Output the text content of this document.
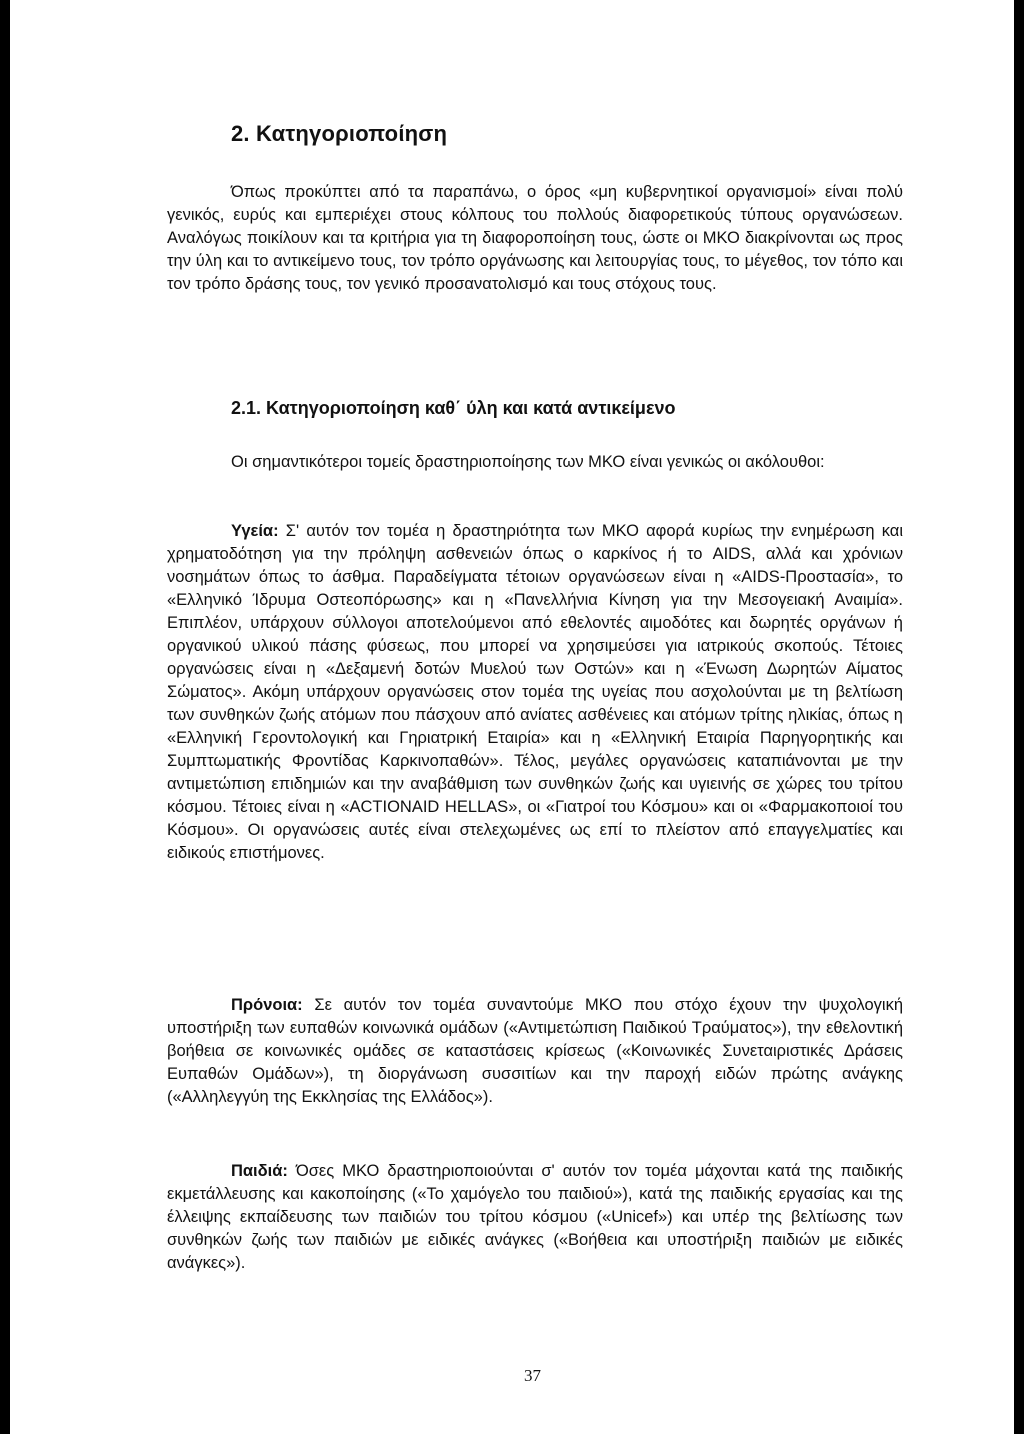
2. Κατηγοριοποίηση

Όπως προκύπτει από τα παραπάνω, ο όρος «μη κυβερνητικοί οργανισμοί» είναι πολύ γενικός, ευρύς και εμπεριέχει στους κόλπους του πολλούς διαφορετικούς τύπους οργανώσεων. Αναλόγως ποικίλουν και τα κριτήρια για τη διαφοροποίηση τους, ώστε οι ΜΚΟ διακρίνονται ως προς την ύλη και το αντικείμενο τους, τον τρόπο οργάνωσης και λειτουργίας τους, το μέγεθος, τον τόπο και τον τρόπο δράσης τους, τον γενικό προσανατολισμό και τους στόχους τους.

2.1. Κατηγοριοποίηση καθ΄ ύλη και κατά αντικείμενο

Οι σημαντικότεροι τομείς δραστηριοποίησης των ΜΚΟ είναι γενικώς οι ακόλουθοι:

Υγεία: Σ' αυτόν τον τομέα η δραστηριότητα των ΜΚΟ αφορά κυρίως την ενημέρωση και χρηματοδότηση για την πρόληψη ασθενειών όπως ο καρκίνος ή το AIDS, αλλά και χρόνιων νοσημάτων όπως το άσθμα. Παραδείγματα τέτοιων οργανώσεων είναι η «AIDS-Προστασία», το «Ελληνικό Ίδρυμα Οστεοπόρωσης» και η «Πανελλήνια Κίνηση για την Μεσογειακή Αναιμία». Επιπλέον, υπάρχουν σύλλογοι αποτελούμενοι από εθελοντές αιμοδότες και δωρητές οργάνων ή οργανικού υλικού πάσης φύσεως, που μπορεί να χρησιμεύσει για ιατρικούς σκοπούς. Τέτοιες οργανώσεις είναι η «Δεξαμενή δοτών Μυελού των Οστών» και η «Ένωση Δωρητών Αίματος Σώματος». Ακόμη υπάρχουν οργανώσεις στον τομέα της υγείας που ασχολούνται με τη βελτίωση των συνθηκών ζωής ατόμων που πάσχουν από ανίατες ασθένειες και ατόμων τρίτης ηλικίας, όπως η «Ελληνική Γεροντολογική και Γηριατρική Εταιρία» και η «Ελληνική Εταιρία Παρηγορητικής και Συμπτωματικής Φροντίδας Καρκινοπαθών». Τέλος, μεγάλες οργανώσεις καταπιάνονται με την αντιμετώπιση επιδημιών και την αναβάθμιση των συνθηκών ζωής και υγιεινής σε χώρες του τρίτου κόσμου. Τέτοιες είναι η «ACTIONAID HELLAS», οι «Γιατροί του Κόσμου» και οι «Φαρμακοποιοί του Κόσμου». Οι οργανώσεις αυτές είναι στελεχωμένες ως επί το πλείστον από επαγγελματίες και ειδικούς επιστήμονες.

Πρόνοια: Σε αυτόν τον τομέα συναντούμε ΜΚΟ που στόχο έχουν την ψυχολογική υποστήριξη των ευπαθών κοινωνικά ομάδων («Αντιμετώπιση Παιδικού Τραύματος»), την εθελοντική βοήθεια σε κοινωνικές ομάδες σε καταστάσεις κρίσεως («Κοινωνικές Συνεταιριστικές Δράσεις Ευπαθών Ομάδων»), τη διοργάνωση συσσιτίων και την παροχή ειδών πρώτης ανάγκης («Αλληλεγγύη της Εκκλησίας της Ελλάδος»).

Παιδιά: Όσες ΜΚΟ δραστηριοποιούνται σ' αυτόν τον τομέα μάχονται κατά της παιδικής εκμετάλλευσης και κακοποίησης («Το χαμόγελο του παιδιού»), κατά της παιδικής εργασίας και της έλλειψης εκπαίδευσης των παιδιών του τρίτου κόσμου («Unicef») και υπέρ της βελτίωσης των συνθηκών ζωής των παιδιών με ειδικές ανάγκες («Βοήθεια και υποστήριξη παιδιών με ειδικές ανάγκες»).

37
